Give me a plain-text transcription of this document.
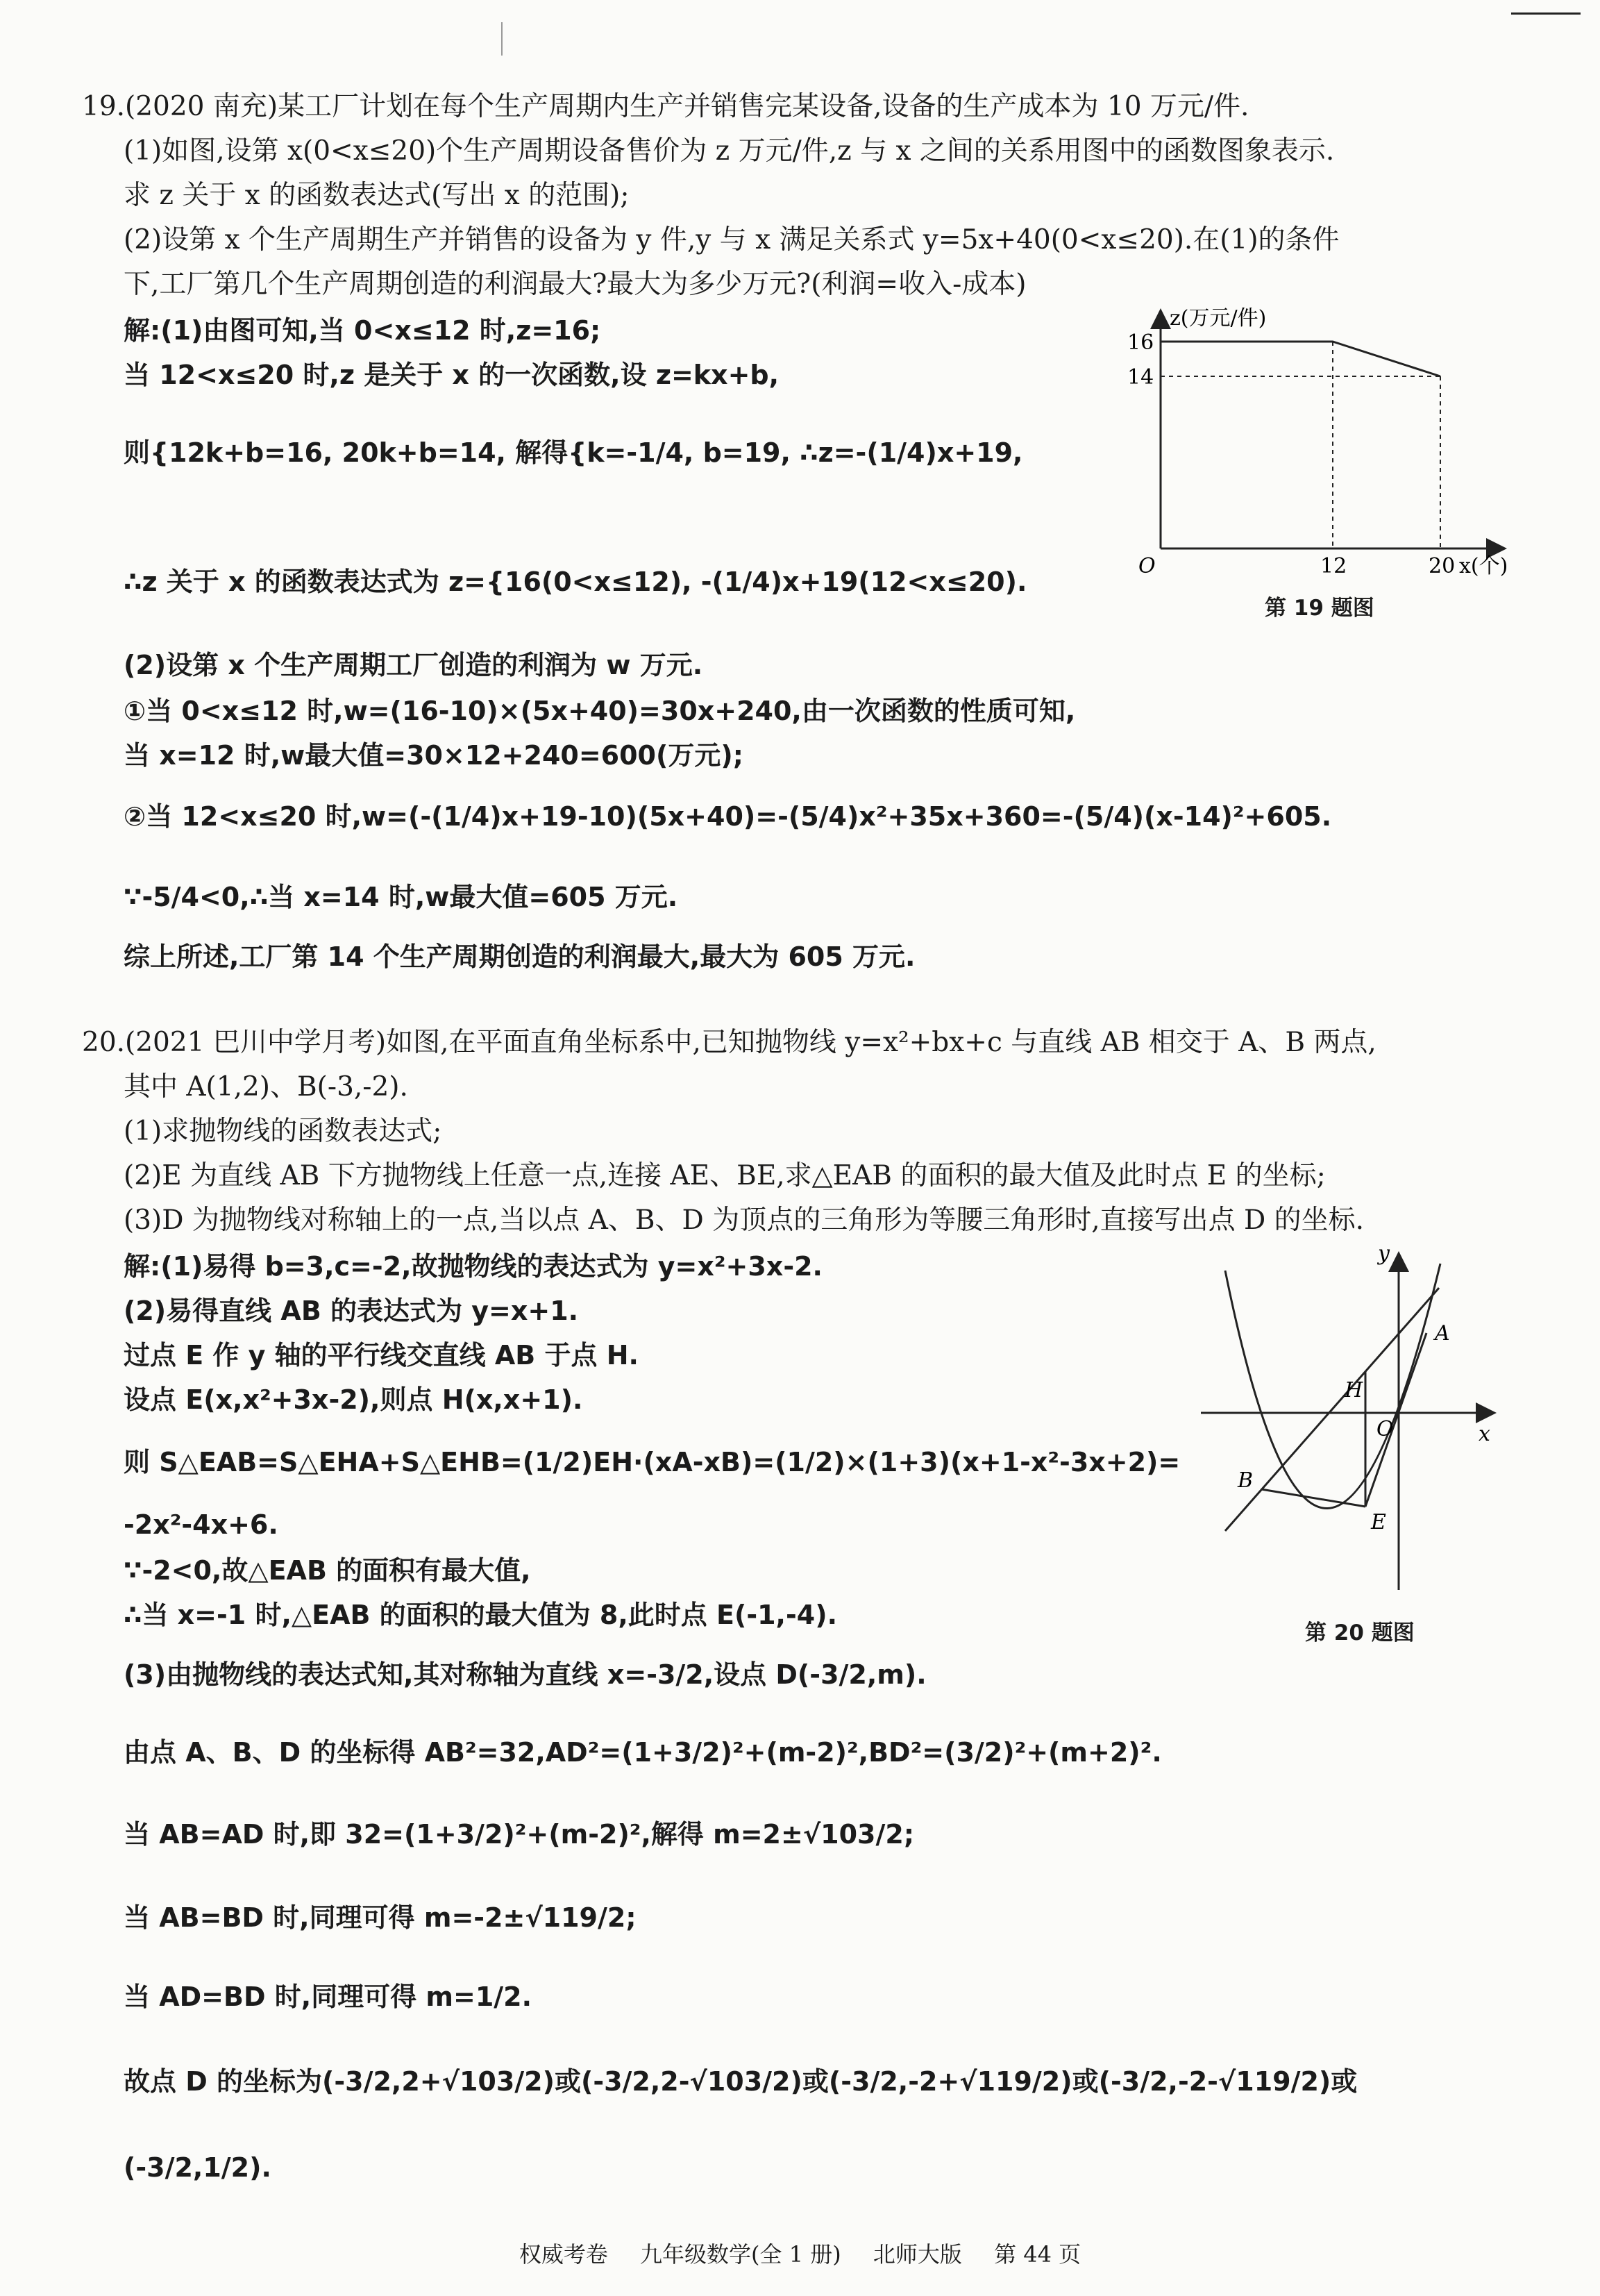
19.(2020 南充)某工厂计划在每个生产周期内生产并销售完某设备,设备的生产成本为 10 万元/件.
(1)如图,设第 x(0<x≤20)个生产周期设备售价为 z 万元/件,z 与 x 之间的关系用图中的函数图象表示.
求 z 关于 x 的函数表达式(写出 x 的范围);
(2)设第 x 个生产周期生产并销售的设备为 y 件,y 与 x 满足关系式 y=5x+40(0<x≤20).在(1)的条件
下,工厂第几个生产周期创造的利润最大?最大为多少万元?(利润=收入-成本)
解:(1)由图可知,当 0<x≤12 时,z=16;
当 12<x≤20 时,z 是关于 x 的一次函数,设 z=kx+b,
则{12k+b=16, 20k+b=14, 解得{k=-1/4, b=19, ∴z=-(1/4)x+19,
∴z 关于 x 的函数表达式为 z={16(0<x≤12), -(1/4)x+19(12<x≤20).
(2)设第 x 个生产周期工厂创造的利润为 w 万元.
①当 0<x≤12 时,w=(16-10)×(5x+40)=30x+240,由一次函数的性质可知,
当 x=12 时,w最大值=30×12+240=600(万元);
②当 12<x≤20 时,w=(-(1/4)x+19-10)(5x+40)=-(5/4)x²+35x+360=-(5/4)(x-14)²+605.
∵-5/4<0,∴当 x=14 时,w最大值=605 万元.
综上所述,工厂第 14 个生产周期创造的利润最大,最大为 605 万元.
z(万元/件)
16
14
O	12	20 x(个)
第 19 题图
20.(2021 巴川中学月考)如图,在平面直角坐标系中,已知抛物线 y=x²+bx+c 与直线 AB 相交于 A、B 两点,
其中 A(1,2)、B(-3,-2).
(1)求抛物线的函数表达式;
(2)E 为直线 AB 下方抛物线上任意一点,连接 AE、BE,求△EAB 的面积的最大值及此时点 E 的坐标;
(3)D 为抛物线对称轴上的一点,当以点 A、B、D 为顶点的三角形为等腰三角形时,直接写出点 D 的坐标.
解:(1)易得 b=3,c=-2,故抛物线的表达式为 y=x²+3x-2.
(2)易得直线 AB 的表达式为 y=x+1.
过点 E 作 y 轴的平行线交直线 AB 于点 H.
设点 E(x,x²+3x-2),则点 H(x,x+1).
则 S△EAB=S△EHA+S△EHB=(1/2)EH·(xA-xB)=(1/2)×(1+3)(x+1-x²-3x+2)=
-2x²-4x+6.
∵-2<0,故△EAB 的面积有最大值,
∴当 x=-1 时,△EAB 的面积的最大值为 8,此时点 E(-1,-4).
(3)由抛物线的表达式知,其对称轴为直线 x=-3/2,设点 D(-3/2,m).
由点 A、B、D 的坐标得 AB²=32,AD²=(1+3/2)²+(m-2)²,BD²=(3/2)²+(m+2)².
当 AB=AD 时,即 32=(1+3/2)²+(m-2)²,解得 m=2±√103/2;
当 AB=BD 时,同理可得 m=-2±√119/2;
当 AD=BD 时,同理可得 m=1/2.
故点 D 的坐标为(-3/2,2+√103/2)或(-3/2,2-√103/2)或(-3/2,-2+√119/2)或(-3/2,-2-√119/2)或
(-3/2,1/2).
y
x
O
A
B
E
H
第 20 题图
权威考卷 九年级数学(全 1 册) 北师大版 第 44 页
